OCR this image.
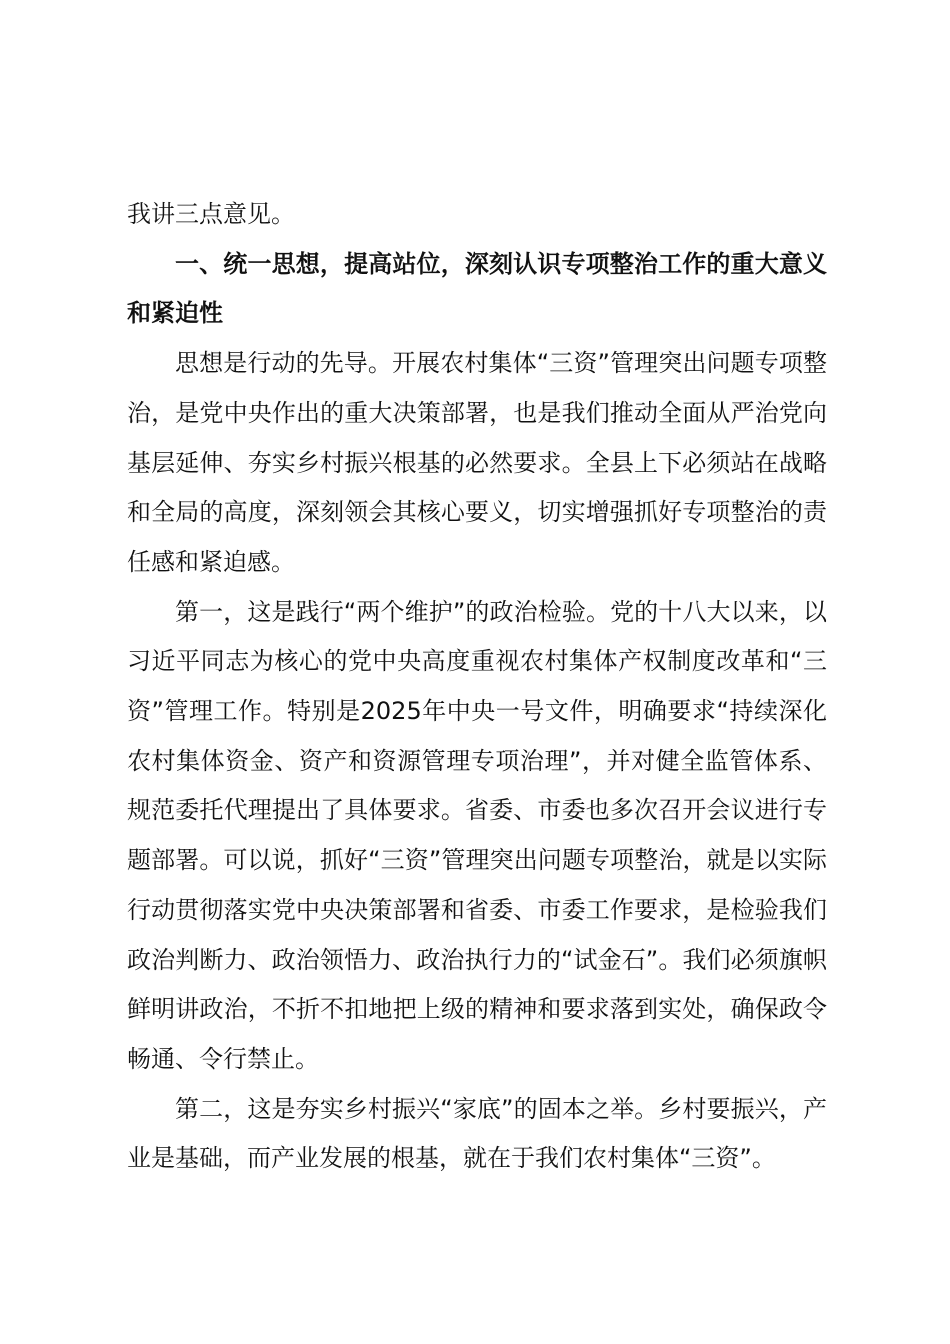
我讲三点意见。

一、统一思想，提高站位，深刻认识专项整治工作的重大意义和紧迫性

思想是行动的先导。开展农村集体“三资”管理突出问题专项整治，是党中央作出的重大决策部署，也是我们推动全面从严治党向基层延伸、夯实乡村振兴根基的必然要求。全县上下必须站在战略和全局的高度，深刻领会其核心要义，切实增强抓好专项整治的责任感和紧迫感。

第一，这是践行“两个维护”的政治检验。党的十八大以来，以习近平同志为核心的党中央高度重视农村集体产权制度改革和“三资”管理工作。特别是2025年中央一号文件，明确要求“持续深化农村集体资金、资产和资源管理专项治理”，并对健全监管体系、规范委托代理提出了具体要求。省委、市委也多次召开会议进行专题部署。可以说，抓好“三资”管理突出问题专项整治，就是以实际行动贯彻落实党中央决策部署和省委、市委工作要求，是检验我们政治判断力、政治领悟力、政治执行力的“试金石”。我们必须旗帜鲜明讲政治，不折不扣地把上级的精神和要求落到实处，确保政令畅通、令行禁止。

第二，这是夯实乡村振兴“家底”的固本之举。乡村要振兴，产业是基础，而产业发展的根基，就在于我们农村集体“三资”。
